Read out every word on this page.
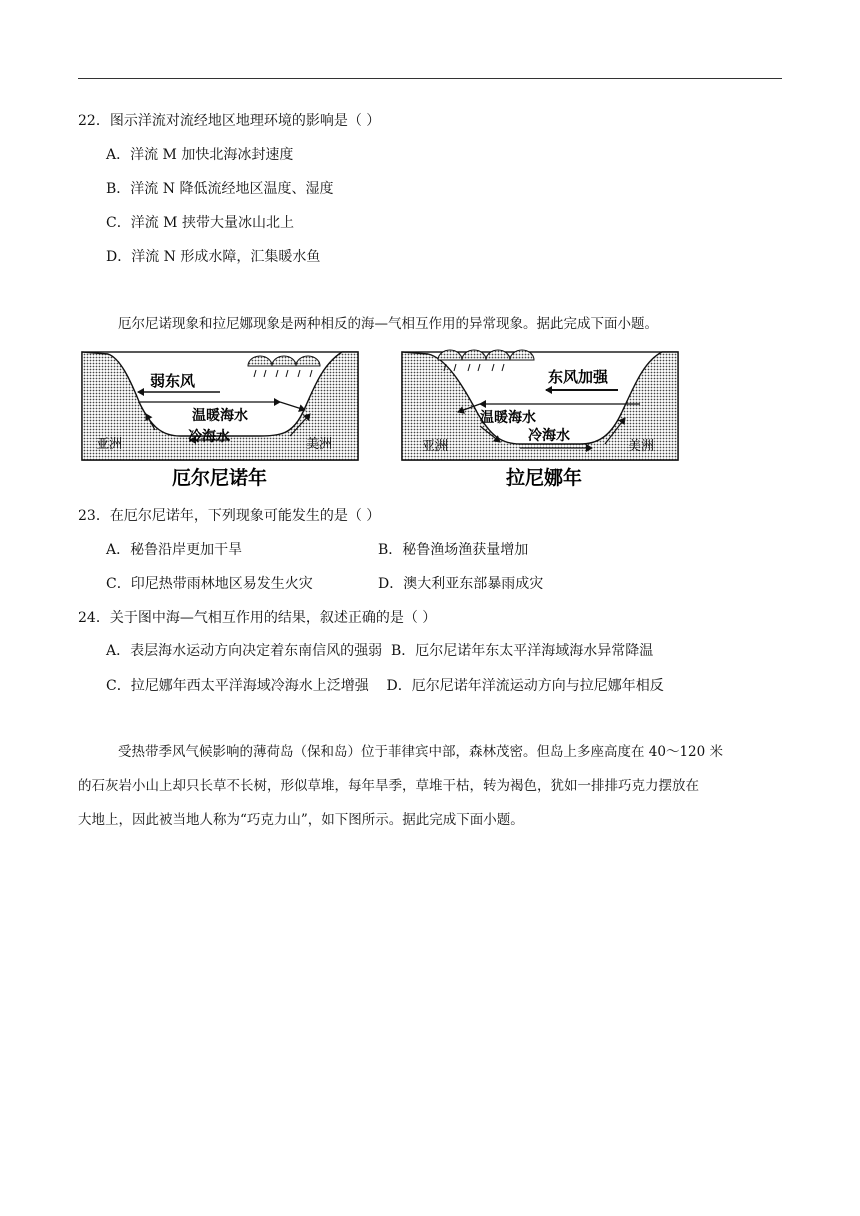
22．图示洋流对流经地区地理环境的影响是（ ）
A．洋流 M 加快北海冰封速度
B．洋流 N 降低流经地区温度、湿度
C．洋流 M 挟带大量冰山北上
D．洋流 N 形成水障，汇集暖水鱼
厄尔尼诺现象和拉尼娜现象是两种相反的海—气相互作用的异常现象。据此完成下面小题。
弱东风
温暖海水
冷海水
亚洲	美洲
厄尔尼诺年
东风加强
温暖海水
冷海水
亚洲	美洲
拉尼娜年
23．在厄尔尼诺年，下列现象可能发生的是（ ）
A．秘鲁沿岸更加干旱	B．秘鲁渔场渔获量增加
C．印尼热带雨林地区易发生火灾	D．澳大利亚东部暴雨成灾
24．关于图中海—气相互作用的结果，叙述正确的是（ ）
A．表层海水运动方向决定着东南信风的强弱  B．厄尔尼诺年东太平洋海域海水异常降温
C．拉尼娜年西太平洋海域冷海水上泛增强    D．厄尔尼诺年洋流运动方向与拉尼娜年相反
受热带季风气候影响的薄荷岛（保和岛）位于菲律宾中部，森林茂密。但岛上多座高度在 40～120 米
的石灰岩小山上却只长草不长树，形似草堆，每年旱季，草堆干枯，转为褐色，犹如一排排巧克力摆放在
大地上，因此被当地人称为“巧克力山”，如下图所示。据此完成下面小题。
